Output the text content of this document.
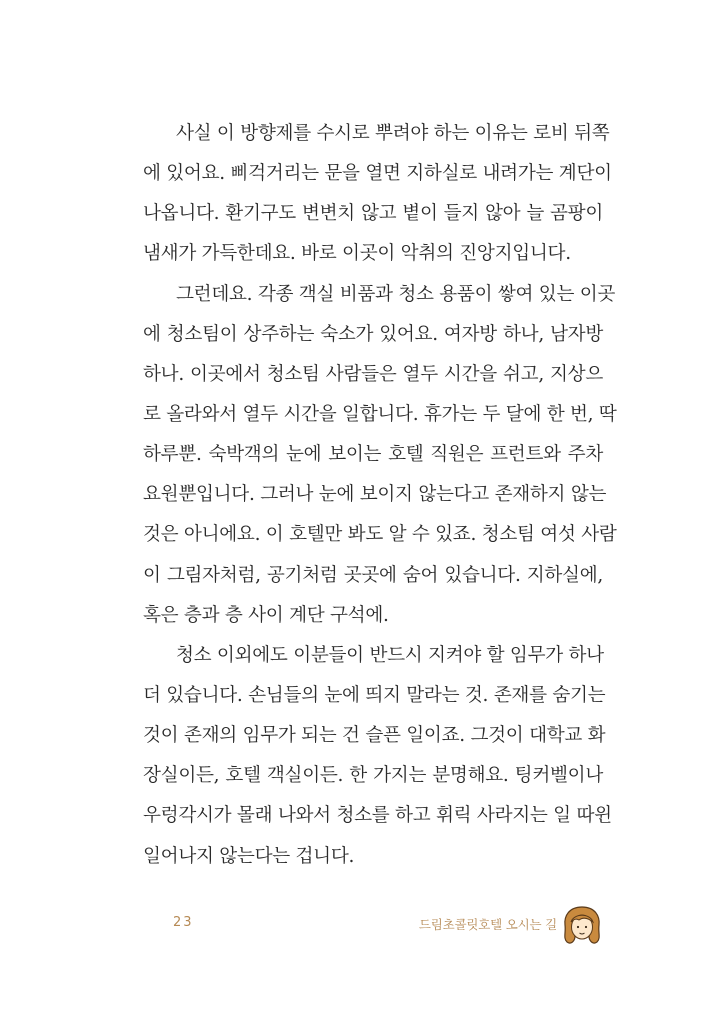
사실 이 방향제를 수시로 뿌려야 하는 이유는 로비 뒤쪽
에 있어요. 삐걱거리는 문을 열면 지하실로 내려가는 계단이
나옵니다. 환기구도 변변치 않고 볕이 들지 않아 늘 곰팡이
냄새가 가득한데요. 바로 이곳이 악취의 진앙지입니다.
그런데요. 각종 객실 비품과 청소 용품이 쌓여 있는 이곳
에 청소팀이 상주하는 숙소가 있어요. 여자방 하나, 남자방
하나. 이곳에서 청소팀 사람들은 열두 시간을 쉬고, 지상으
로 올라와서 열두 시간을 일합니다. 휴가는 두 달에 한 번, 딱
하루뿐. 숙박객의 눈에 보이는 호텔 직원은 프런트와 주차
요원뿐입니다. 그러나 눈에 보이지 않는다고 존재하지 않는
것은 아니에요. 이 호텔만 봐도 알 수 있죠. 청소팀 여섯 사람
이 그림자처럼, 공기처럼 곳곳에 숨어 있습니다. 지하실에,
혹은 층과 층 사이 계단 구석에.
청소 이외에도 이분들이 반드시 지켜야 할 임무가 하나
더 있습니다. 손님들의 눈에 띄지 말라는 것. 존재를 숨기는
것이 존재의 임무가 되는 건 슬픈 일이죠. 그것이 대학교 화
장실이든, 호텔 객실이든. 한 가지는 분명해요. 팅커벨이나
우렁각시가 몰래 나와서 청소를 하고 휘릭 사라지는 일 따윈
일어나지 않는다는 겁니다.
23	드림초콜릿호텔 오시는 길
